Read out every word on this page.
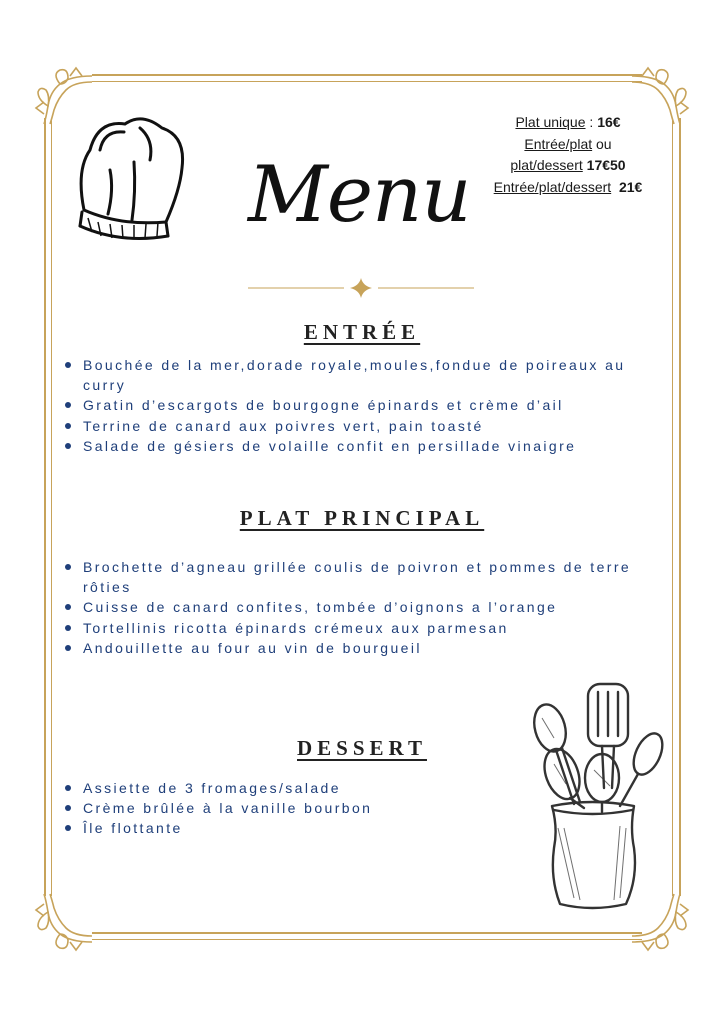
Menu
Plat unique : 16€
Entrée/plat ou
plat/dessert 17€50
Entrée/plat/dessert  21€
ENTRÉE
Bouchée de la mer,dorade royale,moules,fondue de poireaux au curry
Gratin d’escargots de bourgogne épinards et crème d’ail
Terrine de canard aux poivres vert, pain toasté
Salade de gésiers de volaille confit en persillade vinaigre
PLAT PRINCIPAL
Brochette d’agneau grillée coulis de poivron et pommes de terre rôties
Cuisse de canard confites, tombée d’oignons a l’orange
Tortellinis ricotta épinards crémeux aux parmesan
Andouillette au four au vin de bourgueil
DESSERT
Assiette de 3 fromages/salade
Crème brûlée à la vanille bourbon
Île flottante
